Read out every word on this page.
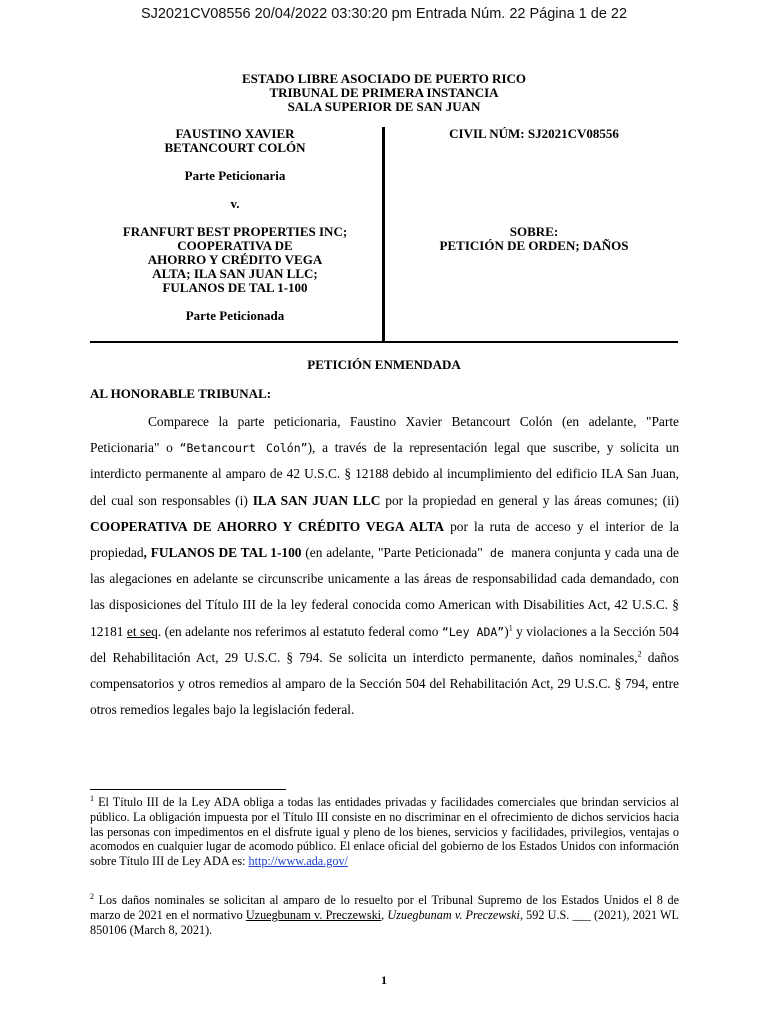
SJ2021CV08556 20/04/2022 03:30:20 pm Entrada Núm. 22 Página 1 de 22
ESTADO LIBRE ASOCIADO DE PUERTO RICO
TRIBUNAL DE PRIMERA INSTANCIA
SALA SUPERIOR DE SAN JUAN

FAUSTINO XAVIER

BETANCOURT COLÓN

Parte Peticionaria

v.

FRANFURT BEST PROPERTIES INC;

COOPERATIVA DE

AHORRO Y CRÉDITO VEGA

ALTA; ILA SAN JUAN LLC;

FULANOS DE TAL 1-100

Parte Peticionada

CIVIL NÚM: SJ2021CV08556

SOBRE:

PETICIÓN DE ORDEN; DAÑOS

PETICIÓN ENMENDADA
AL HONORABLE TRIBUNAL:

Comparece la parte peticionaria, Faustino Xavier Betancourt Colón (en adelante, "Parte Peticionaria" o “Betancourt Colón”), a través de la representación legal que suscribe, y solicita un interdicto permanente al amparo de 42 U.S.C. § 12188 debido al incumplimiento del edificio ILA San Juan, del cual son responsables (i) ILA SAN JUAN LLC por la propiedad en general y las áreas comunes; (ii) COOPERATIVA DE AHORRO Y CRÉDITO VEGA ALTA por la ruta de acceso y el interior de la propiedad, FULANOS DE TAL 1-100 (en adelante, "Parte Peticionada" de manera conjunta y cada una de las alegaciones en adelante se circunscribe unicamente a las áreas de responsabilidad cada demandado, con las disposiciones del Título III de la ley federal conocida como American with Disabilities Act, 42 U.S.C. § 12181 et seq. (en adelante nos referimos al estatuto federal como “Ley ADA”)$^1$ y violaciones a la Sección 504 del Rehabilitación Act, 29 U.S.C. § 794. Se solicita un interdicto permanente, daños nominales,$^2$ daños compensatorios y otros remedios al amparo de la Sección 504 del Rehabilitación Act, 29 U.S.C. § 794, entre otros remedios legales bajo la legislación federal.

$^1$ El Título III de la Ley ADA obliga a todas las entidades privadas y facilidades comerciales que brindan servicios al público. La obligación impuesta por el Título III consiste en no discriminar en el ofrecimiento de dichos servicios hacia las personas con impedimentos en el disfrute igual y pleno de los bienes, servicios y facilidades, privilegios, ventajas o acomodos en cualquier lugar de acomodo público. El enlace oficial del gobierno de los Estados Unidos con información sobre Título III de Ley ADA es: http://www.ada.gov/

$^2$ Los daños nominales se solicitan al amparo de lo resuelto por el Tribunal Supremo de los Estados Unidos el 8 de marzo de 2021 en el normativo Uzuegbunam v. Preczewski, Uzuegbunam v. Preczewski, 592 U.S. ___ (2021), 2021 WL 850106 (March 8, 2021).

1
